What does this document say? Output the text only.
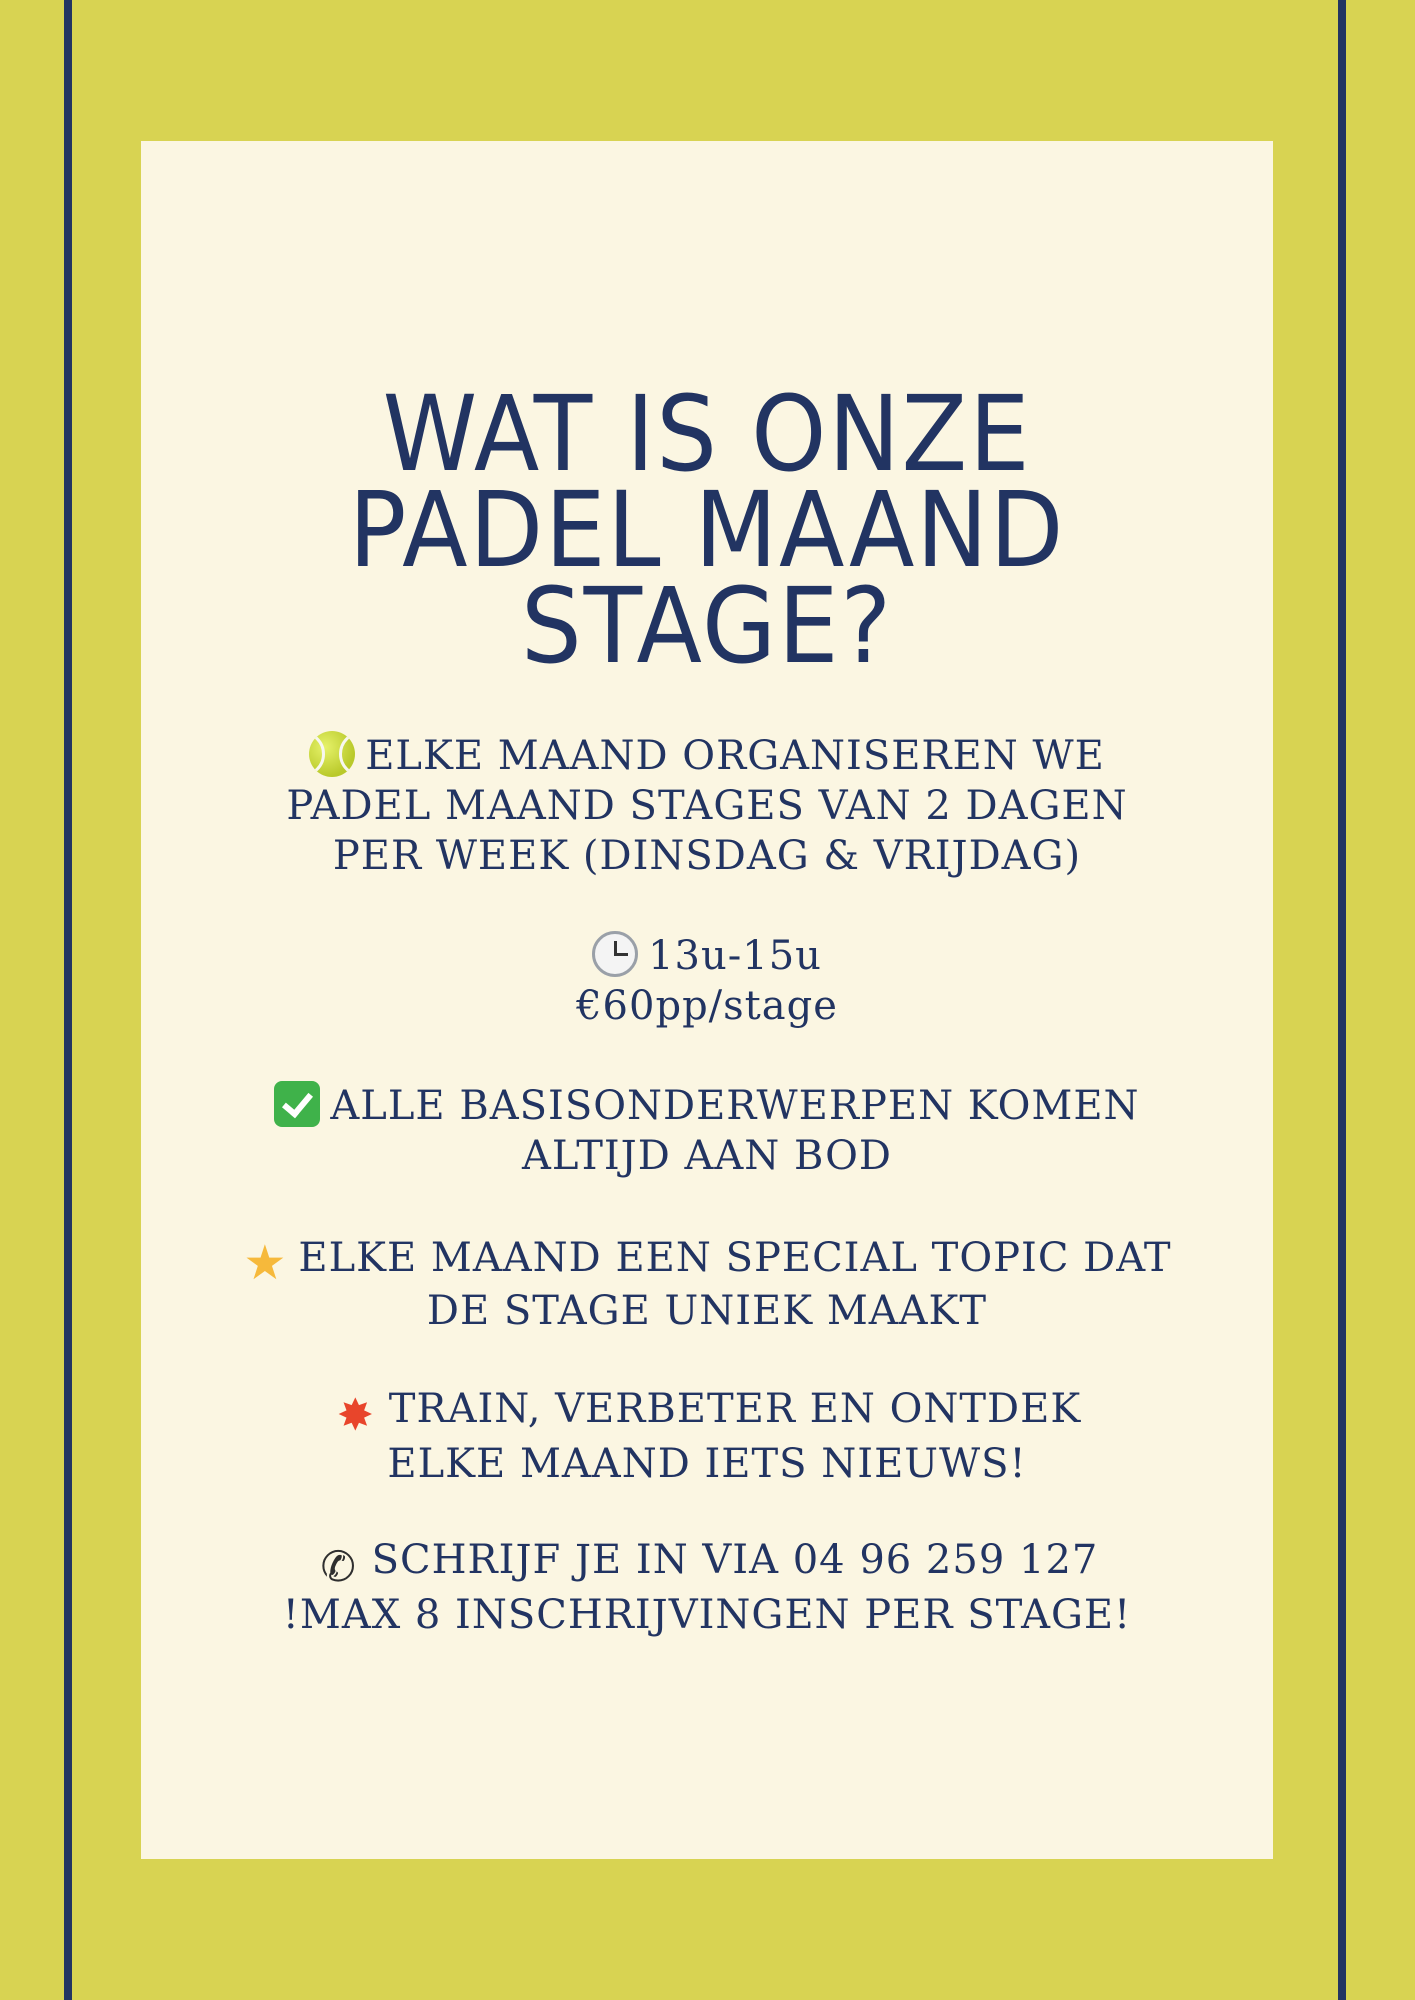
WAT IS ONZE
PADEL MAAND
STAGE?
ELKE MAAND ORGANISEREN WE
PADEL MAAND STAGES VAN 2 DAGEN
PER WEEK (DINSDAG & VRIJDAG)
13u-15u
€60pp/stage
ALLE BASISONDERWERPEN KOMEN
ALTIJD AAN BOD
★ ELKE MAAND EEN SPECIAL TOPIC DAT
DE STAGE UNIEK MAAKT
✸ TRAIN, VERBETER EN ONTDEK
ELKE MAAND IETS NIEUWS!
✆ SCHRIJF JE IN VIA 04 96 259 127
!MAX 8 INSCHRIJVINGEN PER STAGE!
